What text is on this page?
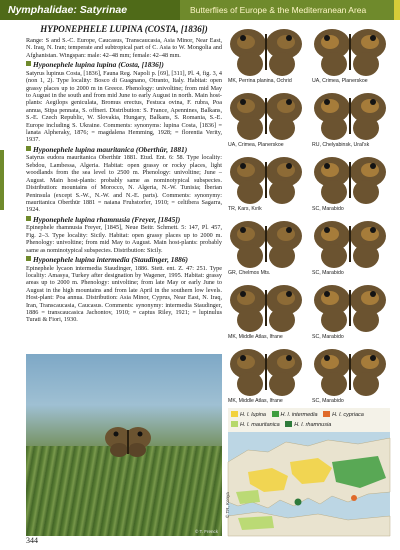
Nymphalidae: Satyrinae	Butterflies of Europe & the Mediterranean Area
HYPONEPHELE LUPINA (COSTA, [1836])
Range: S and S.-C. Europe, Caucasus, Transcaucasia, Asia Minor, Near East, N. Iraq, N. Iran; temperate and subtropical part of C. Asia to W. Mongolia and Afghanistan. Wingspan: male: 42–48 mm; female: 42–48 mm.
Hyponephele lupina lupina (Costa, [1836])
Satyrus lupinus Costa, [1836], Fauna Reg. Napoli p. [69], [311], Pl. 4, fig. 3, 4 (non 1, 2). Type locality: Bosco di Guagnano, Otranto, Italy. Habitat: open grassy places up to 2000 m in Greece. Phenology: univoltine; from mid May to August in the south and from mid June to early August in north. Main host-plants: Aegilops geniculata, Bromus erectus, Festuca ovina, F. rubra, Poa annua, Stipa pennata, S. offneri. Distribution: S. France, Apennines, Balkans, S.-E. Czech Republic, W. Slovakia, Hungary, Balkans, S. Romania, S.-E. Europe including S. Ukraine. Comments: synonyms: lupina Costa, [1836] = lanata Alpheraky, 1876; = magdalena Hemming, 1928; = florentia Verity, 1937.
Hyponephele lupina mauritanica (Oberthür, 1881)
Satyrus eudora mauritanica Oberthür 1881. Etud. Ent. 6: 58. Type locality: Sebdou, Lambessa, Algeria. Habitat: open grassy or rocky places, light woodlands from the sea level to 2500 m. Phenology: univoltine; June – August. Main host-plants: probably same as nominotypical subspecies. Distribution: mountains of Morocco, N. Algeria, N.-W. Tunisia; Iberian Peninsula (except S.-W., N.-W. and N.-E. parts). Comments: synonymy: mauritanica Oberthür 1881 = naiana Fruhstorfer, 1910; = celtibera Sagarra, 1924.
Hyponephele lupina rhamnusia (Freyer, [1845])
Epinephele rhamnusia Freyer, [1845], Neue Beitr. Schmett. 5: 147, Pl. 457, Fig. 2–3. Type locality: Sicily. Habitat: open grassy places up to 2000 m. Phenology: univoltine; from mid May to August. Main host-plants: probably same as nominotypical subspecies. Distribution: Sicily.
Hyponephele lupina intermedia (Staudinger, 1886)
Epinephele lycaon intermedia Staudinger, 1886. Stett. ent. Z. 47: 251. Type locality: Amasya, Turkey after designation by Wagener, 1995. Habitat: grassy areas up to 2000 m. Phenology: univoltine; from late May or early June to August in the high mountains and from late April in the southern low levels. Host-plant: Poa annua. Distribution: Asia Minor, Cyprus, Near East, N. Iraq, Iran, Transcaucasia, Caucasus. Comments: synonymy: intermedia Staudinger, 1886 = transcaucasica Jachontov, 1910; = captus Riley, 1921; = lupinulus Turati & Fiori, 1930.
MK, Perrina planina, Ochrid	UA, Crimea, Planerskoe
UA, Crimea, Planerskoe	RU, Chelyabinsk, Ural'sk
TR, Kars, Kırik	SC, Marabido
GR, Chelmos Mts.	SC, Marabido
MK, Middle Atlas, Ifrane	SC, Marabido
MK, Middle Atlas, Ifrane	SC, Marabido
© T. Frenck
H. l. lupina	H. l. intermedia	H. l. cypriaca
H. l. mauritanica	H. l. rhamnusia
© TR, Konya
344
